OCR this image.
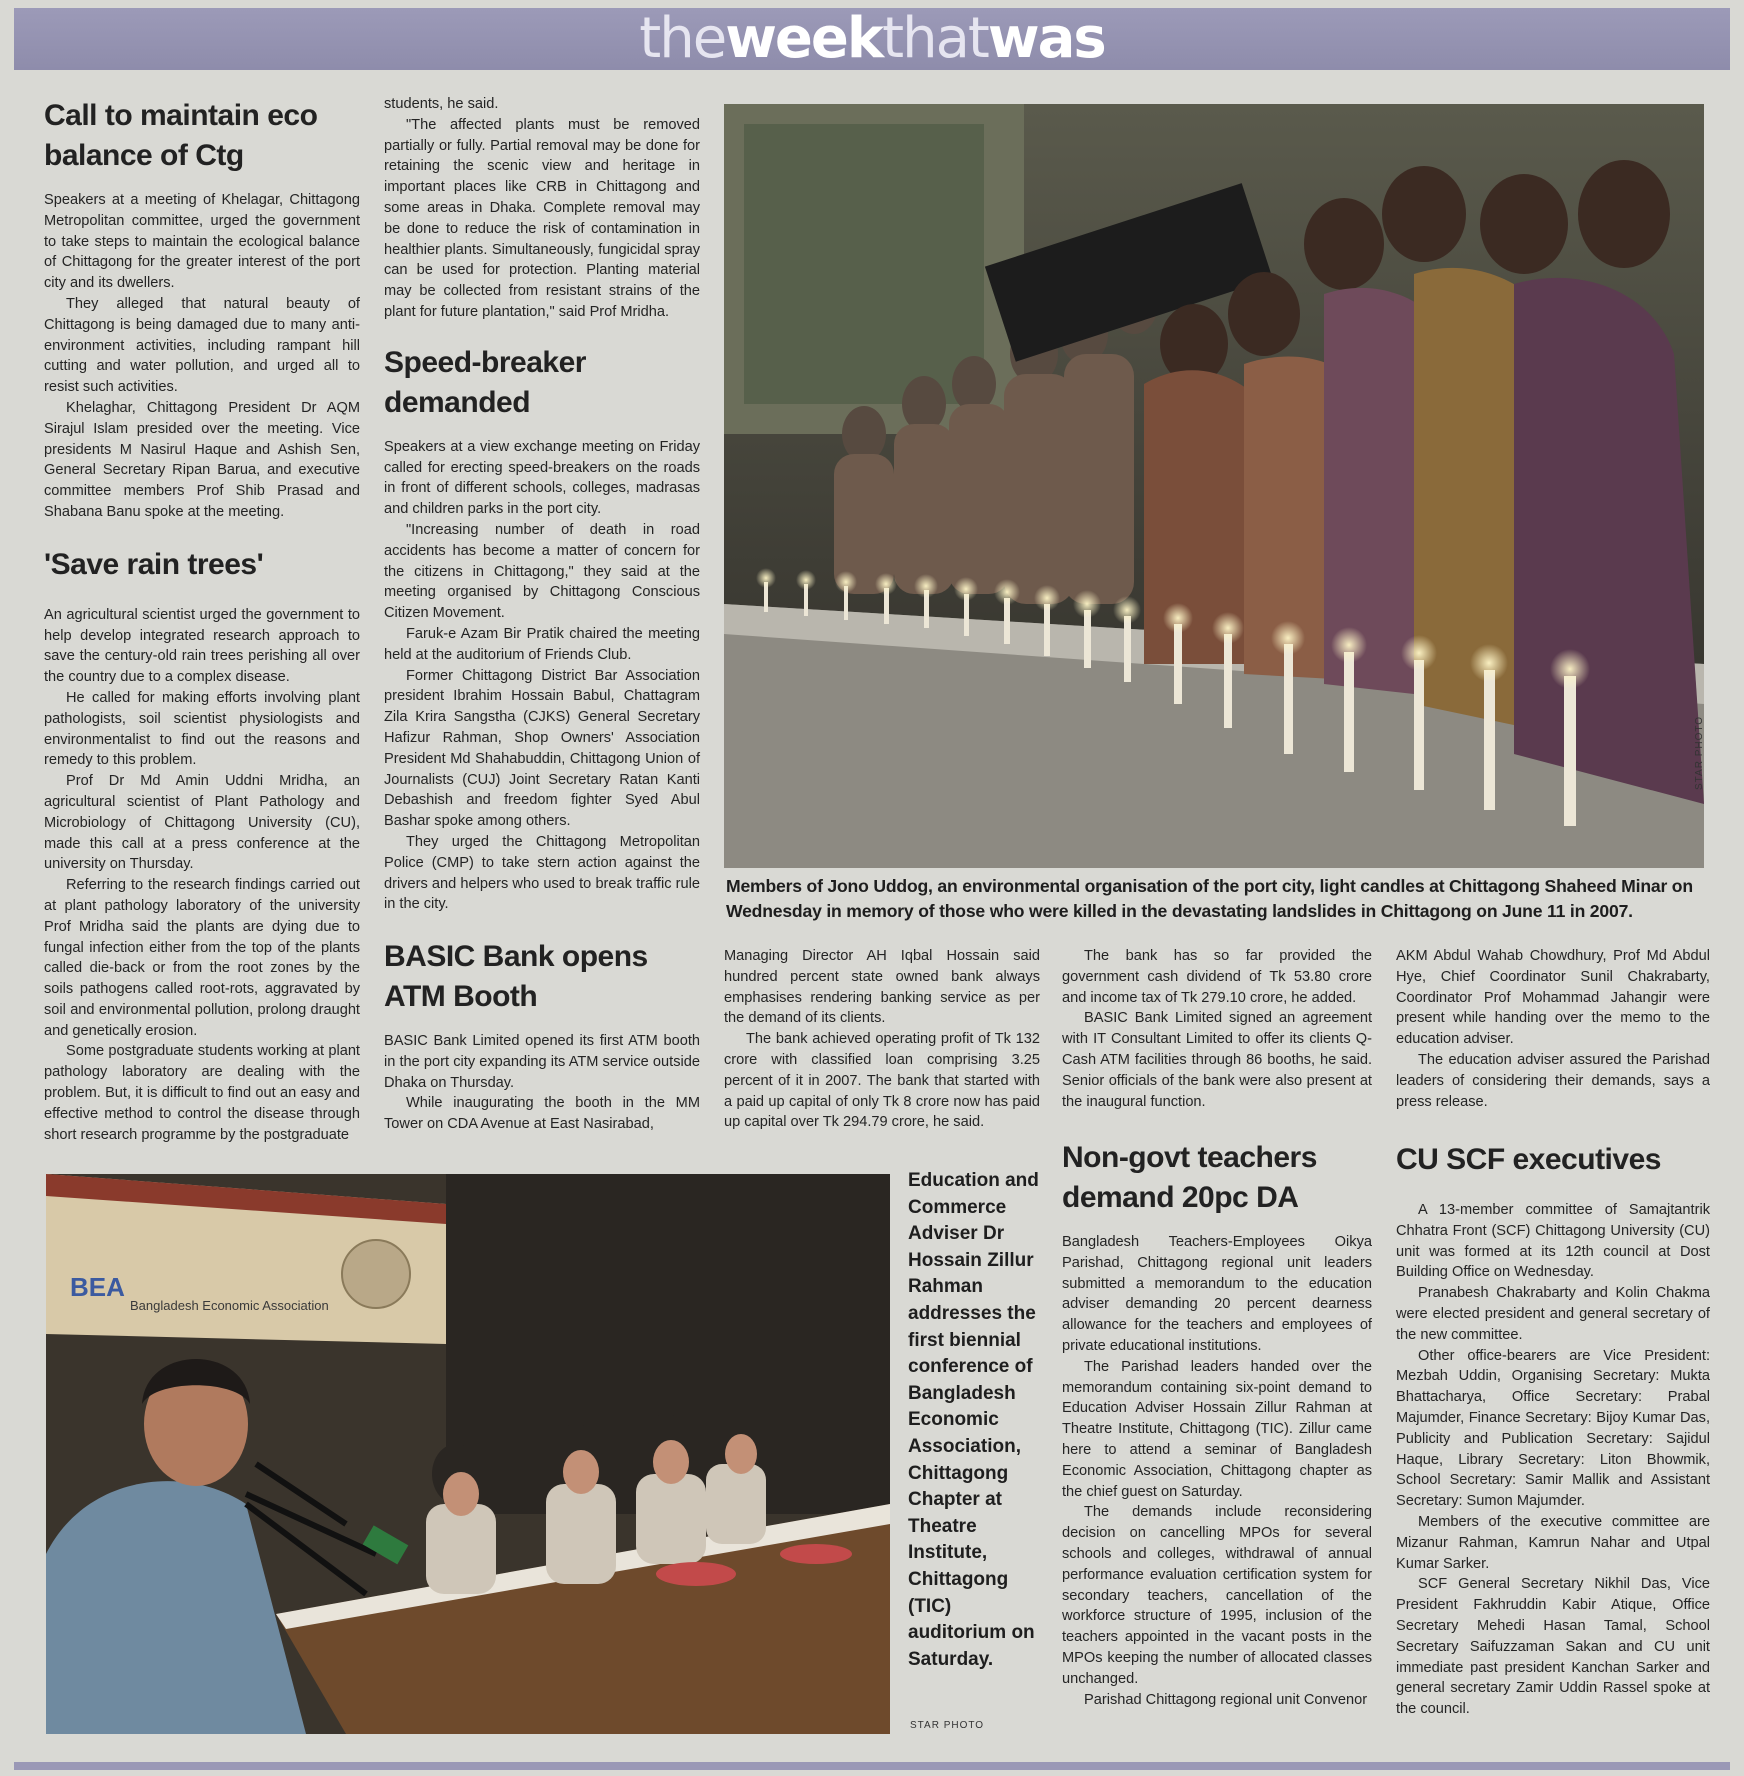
theweekthatwas
Call to maintain eco balance of Ctg

Speakers at a meeting of Khelagar, Chittagong Metropolitan committee, urged the government to take steps to maintain the ecological balance of Chittagong for the greater interest of the port city and its dwellers.

They alleged that natural beauty of Chittagong is being damaged due to many anti-environment activities, including rampant hill cutting and water pollution, and urged all to resist such activities.

Khelaghar, Chittagong President Dr AQM Sirajul Islam presided over the meeting. Vice presidents M Nasirul Haque and Ashish Sen, General Secretary Ripan Barua, and executive committee members Prof Shib Prasad and Shabana Banu spoke at the meeting.

'Save rain trees'

An agricultural scientist urged the government to help develop integrated research approach to save the century-old rain trees perishing all over the country due to a complex disease.

He called for making efforts involving plant pathologists, soil scientist physiologists and environmentalist to find out the reasons and remedy to this problem.

Prof Dr Md Amin Uddni Mridha, an agricultural scientist of Plant Pathology and Microbiology of Chittagong University (CU), made this call at a press conference at the university on Thursday.

Referring to the research findings carried out at plant pathology laboratory of the university Prof Mridha said the plants are dying due to fungal infection either from the top of the plants called die-back or from the root zones by the soils pathogens called root-rots, aggravated by soil and environmental pollution, prolong draught and genetically erosion.

Some postgraduate students working at plant pathology laboratory are dealing with the problem. But, it is difficult to find out an easy and effective method to control the disease through short research programme by the postgraduate

students, he said.

"The affected plants must be removed partially or fully. Partial removal may be done for retaining the scenic view and heritage in important places like CRB in Chittagong and some areas in Dhaka. Complete removal may be done to reduce the risk of contamination in healthier plants. Simultaneously, fungicidal spray can be used for protection. Planting material may be collected from resistant strains of the plant for future plantation," said Prof Mridha.

Speed-breaker demanded

Speakers at a view exchange meeting on Friday called for erecting speed-breakers on the roads in front of different schools, colleges, madrasas and children parks in the port city.

"Increasing number of death in road accidents has become a matter of concern for the citizens in Chittagong," they said at the meeting organised by Chittagong Conscious Citizen Movement.

Faruk-e Azam Bir Pratik chaired the meeting held at the auditorium of Friends Club.

Former Chittagong District Bar Association president Ibrahim Hossain Babul, Chattagram Zila Krira Sangstha (CJKS) General Secretary Hafizur Rahman, Shop Owners' Association President Md Shahabuddin, Chittagong Union of Journalists (CUJ) Joint Secretary Ratan Kanti Debashish and freedom fighter Syed Abul Bashar spoke among others.

They urged the Chittagong Metropolitan Police (CMP) to take stern action against the drivers and helpers who used to break traffic rule in the city.

BASIC Bank opens ATM Booth

BASIC Bank Limited opened its first ATM booth in the port city expanding its ATM service outside Dhaka on Thursday.

While inaugurating the booth in the MM Tower on CDA Avenue at East Nasirabad,

STAR PHOTO
Members of Jono Uddog, an environmental organisation of the port city, light candles at Chittagong Shaheed Minar on Wednesday in memory of those who were killed in the devastating landslides in Chittagong on June 11 in 2007.

Managing Director AH Iqbal Hossain said hundred percent state owned bank always emphasises rendering banking service as per the demand of its clients.

The bank achieved operating profit of Tk 132 crore with classified loan comprising 3.25 percent of it in 2007. The bank that started with a paid up capital of only Tk 8 crore now has paid up capital over Tk 294.79 crore, he said.

The bank has so far provided the government cash dividend of Tk 53.80 crore and income tax of Tk 279.10 crore, he added.

BASIC Bank Limited signed an agreement with IT Consultant Limited to offer its clients Q-Cash ATM facilities through 86 booths, he said. Senior officials of the bank were also present at the inaugural function.

Non-govt teachers demand 20pc DA

Bangladesh Teachers-Employees Oikya Parishad, Chittagong regional unit leaders submitted a memorandum to the education adviser demanding 20 percent dearness allowance for the teachers and employees of private educational institutions.

The Parishad leaders handed over the memorandum containing six-point demand to Education Adviser Hossain Zillur Rahman at Theatre Institute, Chittagong (TIC). Zillur came here to attend a seminar of Bangladesh Economic Association, Chittagong chapter as the chief guest on Saturday.

The demands include reconsidering decision on cancelling MPOs for several schools and colleges, withdrawal of annual performance evaluation certification system for secondary teachers, cancellation of the workforce structure of 1995, inclusion of the teachers appointed in the vacant posts in the MPOs keeping the number of allocated classes unchanged.

Parishad Chittagong regional unit Convenor

AKM Abdul Wahab Chowdhury, Prof Md Abdul Hye, Chief Coordinator Sunil Chakrabarty, Coordinator Prof Mohammad Jahangir were present while handing over the memo to the education adviser.

The education adviser assured the Parishad leaders of considering their demands, says a press release.

CU SCF executives

A 13-member committee of Samajtantrik Chhatra Front (SCF) Chittagong University (CU) unit was formed at its 12th council at Dost Building Office on Wednesday.

Pranabesh Chakrabarty and Kolin Chakma were elected president and general secretary of the new committee.

Other office-bearers are Vice President: Mezbah Uddin, Organising Secretary: Mukta Bhattacharya, Office Secretary: Prabal Majumder, Finance Secretary: Bijoy Kumar Das, Publicity and Publication Secretary: Sajidul Haque, Library Secretary: Liton Bhowmik, School Secretary: Samir Mallik and Assistant Secretary: Sumon Majumder.

Members of the executive committee are Mizanur Rahman, Kamrun Nahar and Utpal Kumar Sarker.

SCF General Secretary Nikhil Das, Vice President Fakhruddin Kabir Atique, Office Secretary Mehedi Hasan Tamal, School Secretary Saifuzzaman Sakan and CU unit immediate past president Kanchan Sarker and general secretary Zamir Uddin Rassel spoke at the council.

BEA
Bangladesh Economic Association
Education and Commerce Adviser Dr Hossain Zillur Rahman addresses the first biennial conference of Bangladesh Economic Association, Chittagong Chapter at Theatre Institute, Chittagong (TIC) auditorium on Saturday.
STAR PHOTO
